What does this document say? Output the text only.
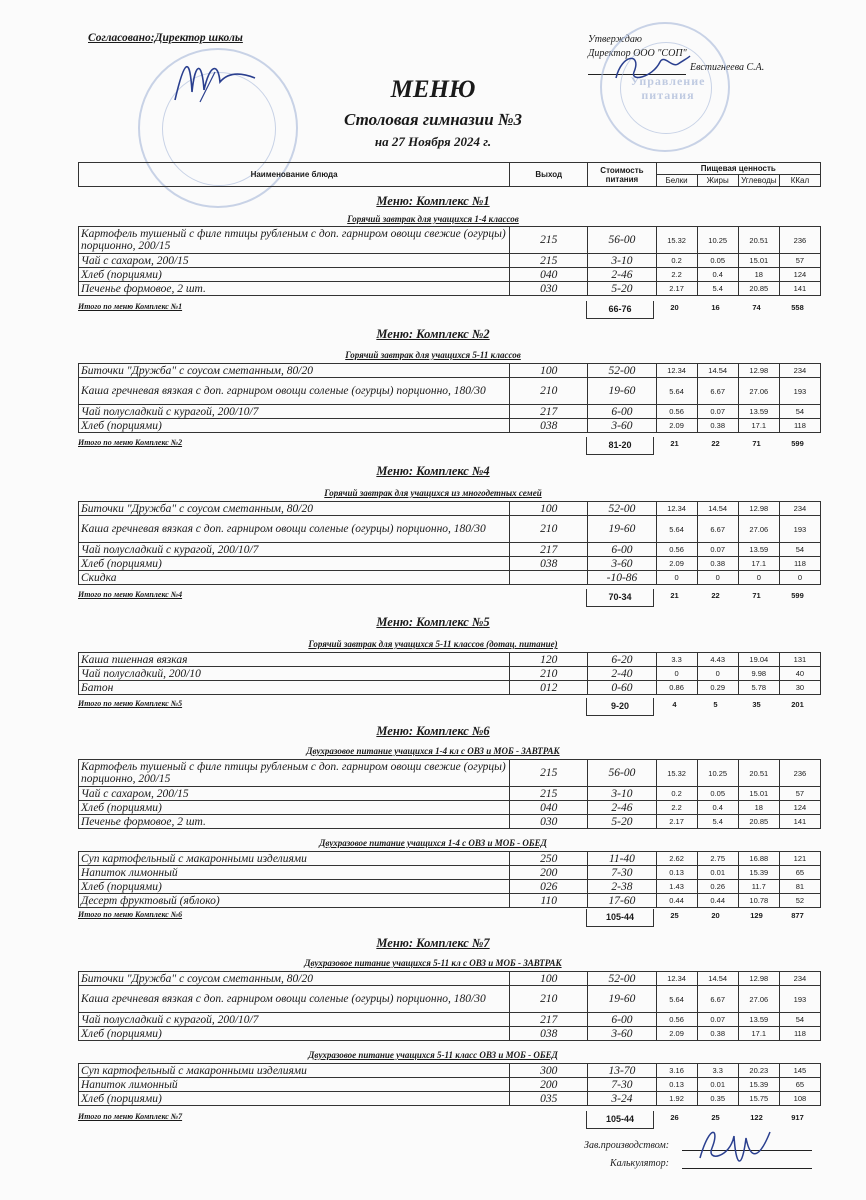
Согласовано:Директор школы	Утверждаю
Директор ООО "СОП"
Евстигнеева С.А.
Управление питания
МЕНЮ
Столовая гимназии №3
на 27 Ноября 2024 г.
Наименование блюда	Выход	Стоимость питания	Пищевая ценность			
			Белки	Жиры	Углеводы	ККал
Меню: Комплекс №1
Горячий завтрак для учащихся 1-4 классов
Картофель тушеный с филе птицы рубленым с доп. гарниром овощи свежие (огурцы) порционно, 200/15	215	56-00	15.32	10.25	20.51	236
Чай с сахаром, 200/15	215	3-10	0.2	0.05	15.01	57
Хлеб (порциями)	040	2-46	2.2	0.4	18	124
Печенье формовое, 2 шт.	030	5-20	2.17	5.4	20.85	141
Итого по меню Комплекс №1	66-76	20	16	74	558
Меню: Комплекс №2
Горячий завтрак для учащихся 5-11 классов
Биточки "Дружба" с соусом сметанным, 80/20	100	52-00	12.34	14.54	12.98	234
Каша гречневая вязкая с доп. гарниром овощи соленые (огурцы) порционно, 180/30	210	19-60	5.64	6.67	27.06	193
Чай полусладкий с курагой, 200/10/7	217	6-00	0.56	0.07	13.59	54
Хлеб (порциями)	038	3-60	2.09	0.38	17.1	118
Итого по меню Комплекс №2	81-20	21	22	71	599
Меню: Комплекс №4
Горячий завтрак для учащихся из многодетных семей
Биточки "Дружба" с соусом сметанным, 80/20	100	52-00	12.34	14.54	12.98	234
Каша гречневая вязкая с доп. гарниром овощи соленые (огурцы) порционно, 180/30	210	19-60	5.64	6.67	27.06	193
Чай полусладкий с курагой, 200/10/7	217	6-00	0.56	0.07	13.59	54
Хлеб (порциями)	038	3-60	2.09	0.38	17.1	118
Скидка		-10-86	0	0	0	0
Итого по меню Комплекс №4	70-34	21	22	71	599
Меню: Комплекс №5
Горячий завтрак для учащихся 5-11 классов (дотац. питание)
Каша пшенная вязкая	120	6-20	3.3	4.43	19.04	131
Чай полусладкий, 200/10	210	2-40	0	0	9.98	40
Батон	012	0-60	0.86	0.29	5.78	30
Итого по меню Комплекс №5	9-20	4	5	35	201
Меню: Комплекс №6
Двухразовое питание учащихся 1-4 кл с ОВЗ и МОБ - ЗАВТРАК
Картофель тушеный с филе птицы рубленым с доп. гарниром овощи свежие (огурцы) порционно, 200/15	215	56-00	15.32	10.25	20.51	236
Чай с сахаром, 200/15	215	3-10	0.2	0.05	15.01	57
Хлеб (порциями)	040	2-46	2.2	0.4	18	124
Печенье формовое, 2 шт.	030	5-20	2.17	5.4	20.85	141
Двухразовое питание учащихся 1-4 с ОВЗ и МОБ - ОБЕД
Суп картофельный с макаронными изделиями	250	11-40	2.62	2.75	16.88	121
Напиток лимонный	200	7-30	0.13	0.01	15.39	65
Хлеб (порциями)	026	2-38	1.43	0.26	11.7	81
Десерт фруктовый (яблоко)	110	17-60	0.44	0.44	10.78	52
Итого по меню Комплекс №6	105-44	25	20	129	877
Меню: Комплекс №7
Двухразовое питание учащихся 5-11 кл с ОВЗ и МОБ - ЗАВТРАК
Биточки "Дружба" с соусом сметанным, 80/20	100	52-00	12.34	14.54	12.98	234
Каша гречневая вязкая с доп. гарниром овощи соленые (огурцы) порционно, 180/30	210	19-60	5.64	6.67	27.06	193
Чай полусладкий с курагой, 200/10/7	217	6-00	0.56	0.07	13.59	54
Хлеб (порциями)	038	3-60	2.09	0.38	17.1	118
Двухразовое питание учащихся 5-11 класс ОВЗ и МОБ - ОБЕД
Суп картофельный с макаронными изделиями	300	13-70	3.16	3.3	20.23	145
Напиток лимонный	200	7-30	0.13	0.01	15.39	65
Хлеб (порциями)	035	3-24	1.92	0.35	15.75	108
Итого по меню Комплекс №7	105-44	26	25	122	917
Зав.производством:
Калькулятор:
